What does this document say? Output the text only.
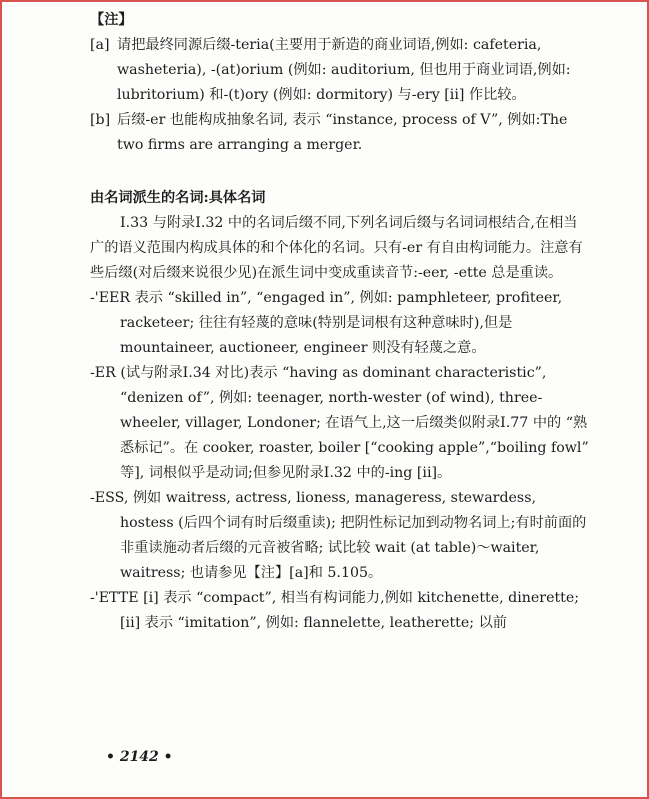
【注】
[a] 请把最终同源后缀-teria(主要用于新造的商业词语,例如: cafeteria, washeteria), -(at)orium (例如: auditorium, 但也用于商业词语,例如: lubritorium) 和-(t)ory (例如: dormitory) 与-ery [ii] 作比较。
[b] 后缀-er 也能构成抽象名词, 表示 “instance, process of V”, 例如:The two firms are arranging a merger.
由名词派生的名词:具体名词
Ⅰ.33 与附录Ⅰ.32 中的名词后缀不同,下列名词后缀与名词词根结合,在相当广的语义范围内构成具体的和个体化的名词。只有-er 有自由构词能力。注意有些后缀(对后缀来说很少见)在派生词中变成重读音节:-eer, -ette 总是重读。
-'EER 表示 “skilled in”, “engaged in”, 例如: pamphleteer, profiteer, racketeer; 往往有轻蔑的意味(特别是词根有这种意味时),但是 mountaineer, auctioneer, engineer 则没有轻蔑之意。
-ER (试与附录Ⅰ.34 对比)表示 “having as dominant characteristic”, “denizen of”, 例如: teenager, north-wester (of wind), three-wheeler, villager, Londoner; 在语气上,这一后缀类似附录Ⅰ.77 中的 “熟悉标记”。在 cooker, roaster, boiler [“cooking apple”,“boiling fowl” 等], 词根似乎是动词;但参见附录Ⅰ.32 中的-ing [ii]。
-ESS, 例如 waitress, actress, lioness, manageress, stewardess, hostess (后四个词有时后缀重读); 把阴性标记加到动物名词上;有时前面的非重读施动者后缀的元音被省略; 试比较 wait (at table)～waiter, waitress; 也请参见【注】[a]和 5.105。
-'ETTE [i] 表示 “compact”, 相当有构词能力,例如 kitchenette, dinerette;
[ii] 表示 “imitation”, 例如: flannelette, leatherette; 以前
• 2142 •
